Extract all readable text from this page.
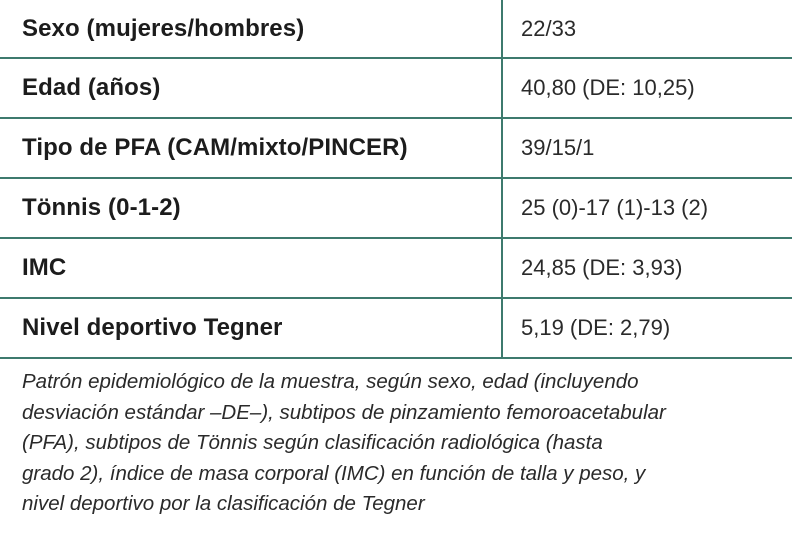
Sexo (mujeres/hombres)	22/33
Edad (años)	40,80 (DE: 10,25)
Tipo de PFA (CAM/mixto/PINCER)	39/15/1
Tönnis (0-1-2)	25 (0)-17 (1)-13 (2)
IMC	24,85 (DE: 3,93)
Nivel deportivo Tegner	5,19 (DE: 2,79)
Patrón epidemiológico de la muestra, según sexo, edad (incluyendo
desviación estándar –DE–), subtipos de pinzamiento femoroacetabular
(PFA), subtipos de Tönnis según clasificación radiológica (hasta
grado 2), índice de masa corporal (IMC) en función de talla y peso, y
nivel deportivo por la clasificación de Tegner
